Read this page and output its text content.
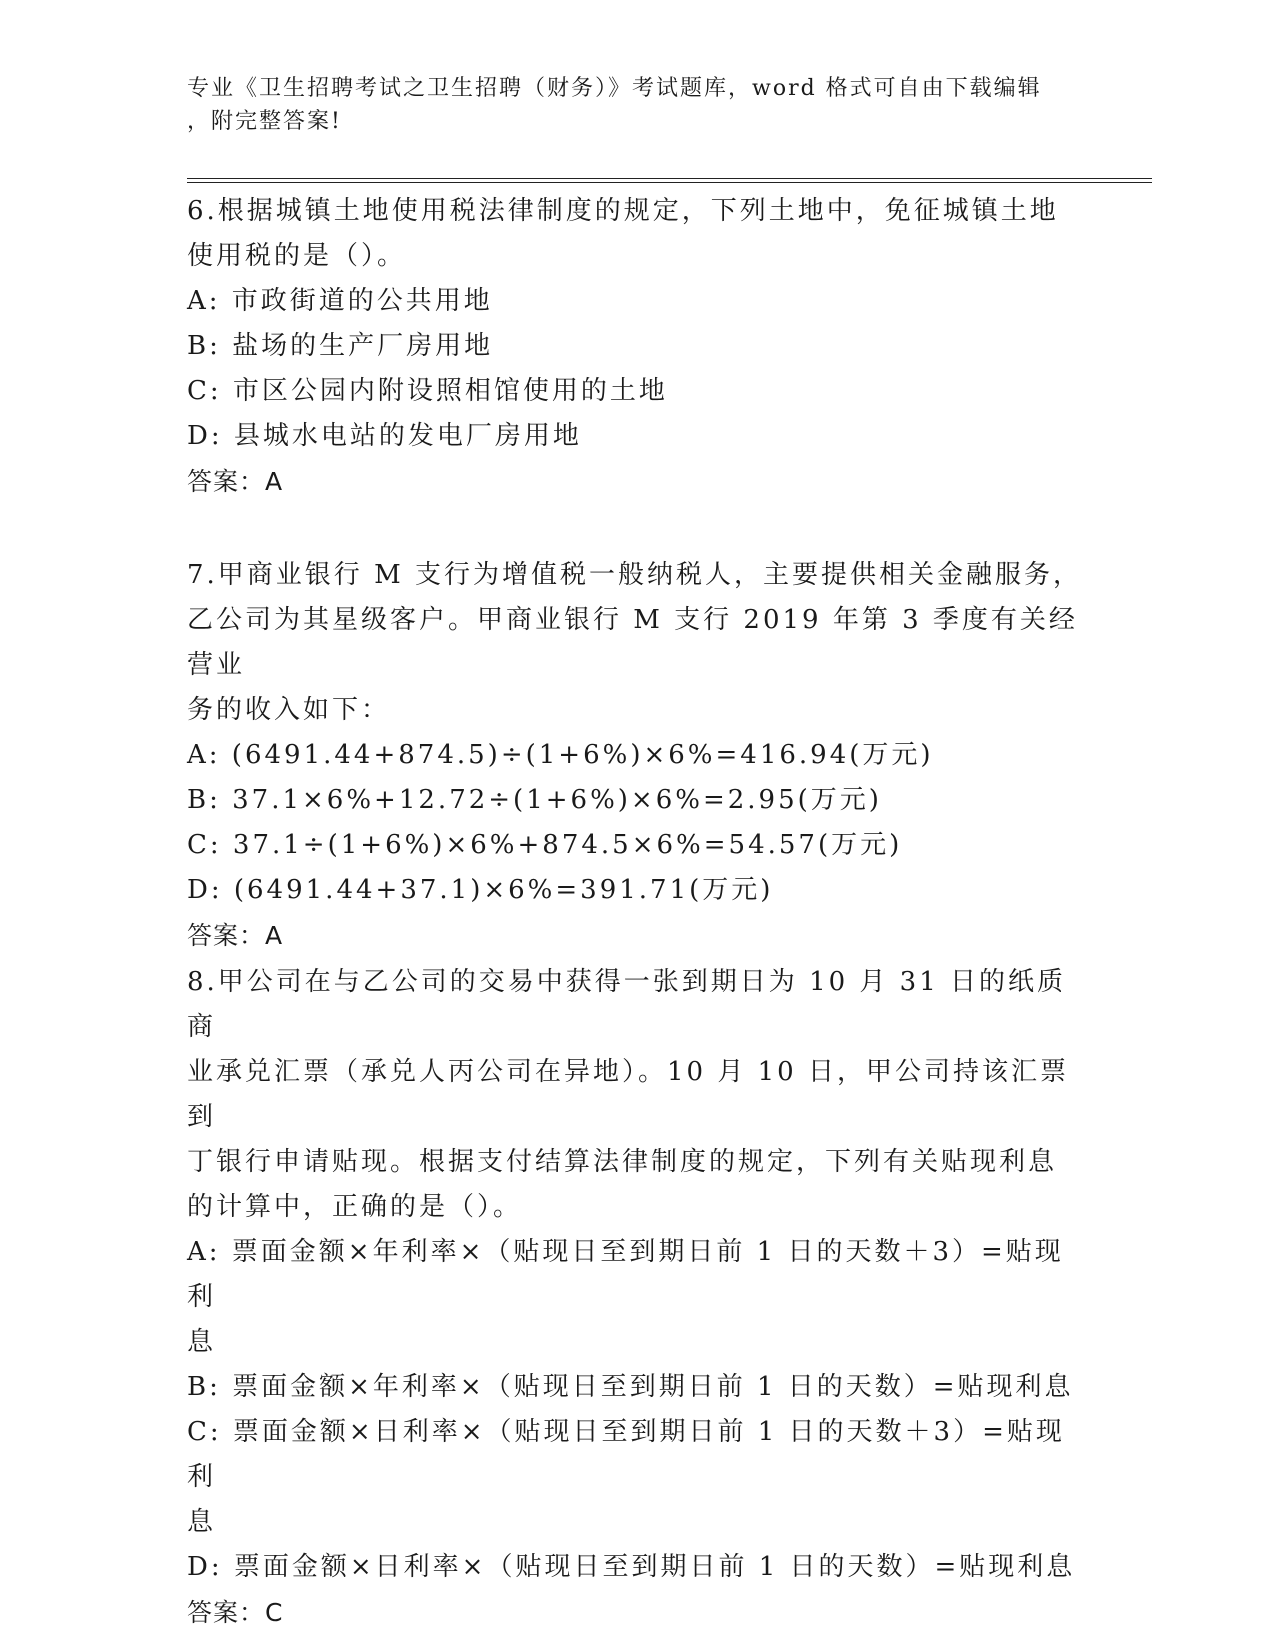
专业《卫生招聘考试之卫生招聘（财务）》考试题库，word 格式可自由下载编辑
，附完整答案!
6.根据城镇土地使用税法律制度的规定，下列土地中，免征城镇土地
使用税的是（）。
A: 市政街道的公共用地
B: 盐场的生产厂房用地
C: 市区公园内附设照相馆使用的土地
D: 县城水电站的发电厂房用地
答案：A
7.甲商业银行 M 支行为增值税一般纳税人，主要提供相关金融服务，
乙公司为其星级客户。甲商业银行 M 支行 2019 年第 3 季度有关经营业
务的收入如下：
A: (6491.44+874.5)÷(1+6%)×6%=416.94(万元)
B: 37.1×6%+12.72÷(1+6%)×6%=2.95(万元)
C: 37.1÷(1+6%)×6%+874.5×6%=54.57(万元)
D: (6491.44+37.1)×6%=391.71(万元)
答案：A
8.甲公司在与乙公司的交易中获得一张到期日为 10 月 31 日的纸质商
业承兑汇票（承兑人丙公司在异地）。10 月 10 日，甲公司持该汇票到
丁银行申请贴现。根据支付结算法律制度的规定，下列有关贴现利息
的计算中，正确的是（）。
A: 票面金额×年利率×（贴现日至到期日前 1 日的天数＋3）=贴现利
息
B: 票面金额×年利率×（贴现日至到期日前 1 日的天数）=贴现利息
C: 票面金额×日利率×（贴现日至到期日前 1 日的天数＋3）=贴现利
息
D: 票面金额×日利率×（贴现日至到期日前 1 日的天数）=贴现利息
答案：C
